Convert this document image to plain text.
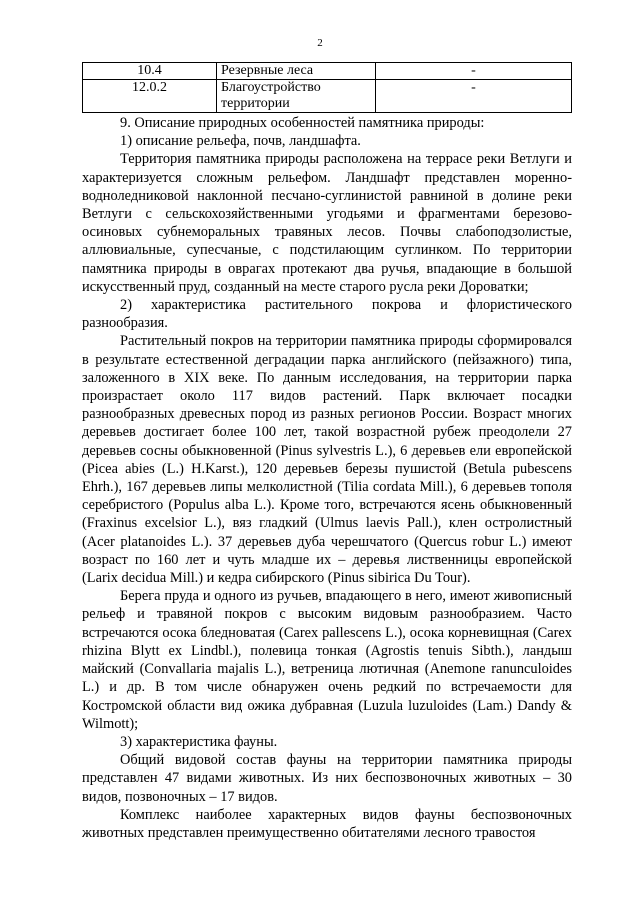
2
10.4	Резервные леса	-
12.0.2	Благоустройство территории	-

9. Описание природных особенностей памятника природы:

1) описание рельефа, почв, ландшафта.

Территория памятника природы расположена на террасе реки Ветлуги и характеризуется сложным рельефом. Ландшафт представлен моренно-водноледниковой наклонной песчано-суглинистой равниной в долине реки Ветлуги с сельскохозяйственными угодьями и фрагментами березово-осиновых субнеморальных травяных лесов. Почвы слабоподзолистые, аллювиальные, супесчаные, с подстилающим суглинком. По территории памятника природы в оврагах протекают два ручья, впадающие в большой искусственный пруд, созданный на месте старого русла реки Доровaтки;

2) характеристика растительного покрова и флористического разнообразия.

Растительный покров на территории памятника природы сформировался в результате естественной деградации парка английского (пейзажного) типа, заложенного в XIX веке. По данным исследования, на территории парка произрастает около 117 видов растений. Парк включает посадки разнообразных древесных пород из разных регионов России. Возраст многих деревьев достигает более 100 лет, такой возрастной рубеж преодолели 27 деревьев сосны обыкновенной (Pinus sylvestris L.), 6 деревьев ели европейской (Picea abies (L.) H.Karst.), 120 деревьев березы пушистой (Betula pubescens Ehrh.), 167 деревьев липы мелколистной (Tilia cordata Mill.), 6 деревьев тополя серебристого (Populus alba L.). Кроме того, встречаются ясень обыкновенный (Fraxinus excelsior L.), вяз гладкий (Ulmus laevis Pall.), клен остролистный (Acer platanoides L.). 37 деревьев дуба черешчатого (Quercus robur L.) имеют возраст по 160 лет и чуть младше их – деревья лиственницы европейской (Larix decidua Mill.) и кедра сибирского (Pinus sibirica Du Tour).

Берега пруда и одного из ручьев, впадающего в него, имеют живописный рельеф и травяной покров с высоким видовым разнообразием. Часто встречаются осока бледноватая (Carex pallescens L.), осока корневищная (Carex rhizina Blytt ex Lindbl.), полевица тонкая (Agrostis tenuis Sibth.), ландыш майский (Convallaria majalis L.), ветреница лютичная (Anemone ranunculoides L.) и др. В том числе обнаружен очень редкий по встречаемости для Костромской области вид ожика дубравная (Luzula luzuloides (Lam.) Dandy & Wilmott);

3) характеристика фауны.

Общий видовой состав фауны на территории памятника природы представлен 47 видами животных. Из них беспозвоночных животных – 30 видов, позвоночных – 17 видов.

Комплекс наиболее характерных видов фауны беспозвоночных животных представлен преимущественно обитателями лесного травостоя
